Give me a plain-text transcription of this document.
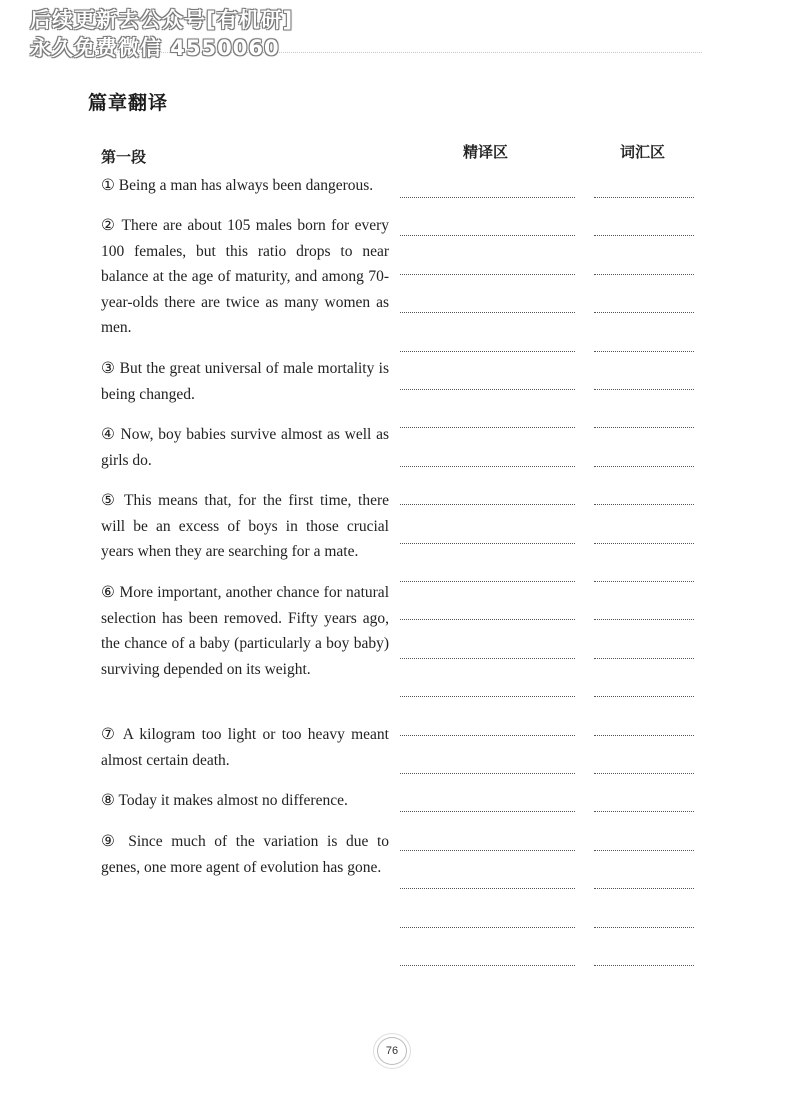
后续更新去公众号[有机研]
永久免费微信 4550060
篇章翻译
第一段	精译区	词汇区
① Being a man has always been dangerous.
② There are about 105 males born for every 100 females, but this ratio drops to near balance at the age of maturity, and among 70-year-olds there are twice as many women as men.
③ But the great universal of male mortality is being changed.
④ Now, boy babies survive almost as well as girls do.
⑤ This means that, for the first time, there will be an excess of boys in those crucial years when they are searching for a mate.
⑥ More important, another chance for natural selection has been removed. Fifty years ago, the chance of a baby (particularly a boy baby) surviving depended on its weight.
⑦ A kilogram too light or too heavy meant almost certain death.
⑧ Today it makes almost no difference.
⑨ Since much of the variation is due to genes, one more agent of evolution has gone.
76
